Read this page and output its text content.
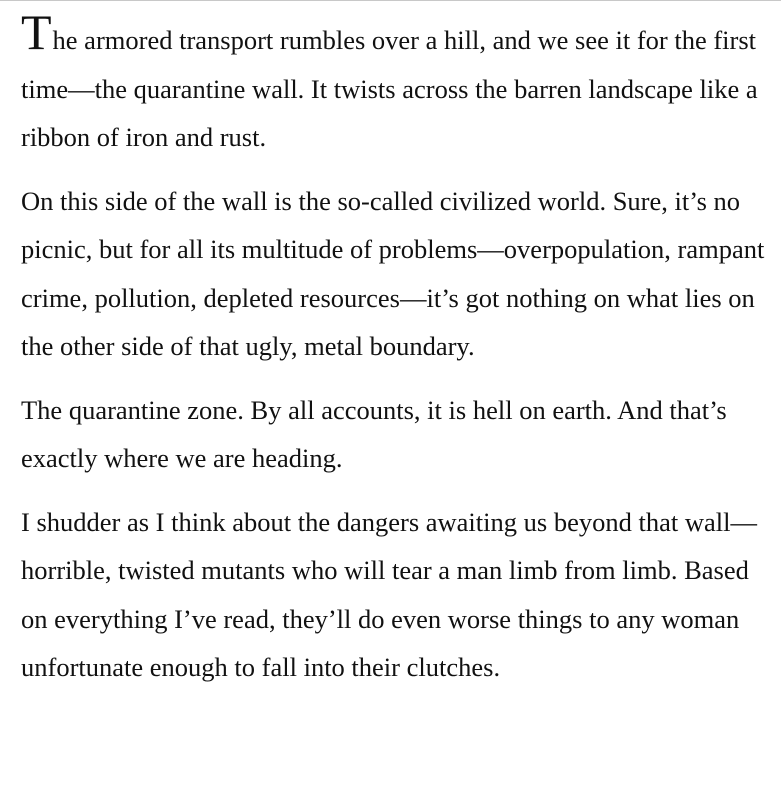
The armored transport rumbles over a hill, and we see it for the first time—the quarantine wall. It twists across the barren landscape like a ribbon of iron and rust.

On this side of the wall is the so-called civilized world. Sure, it’s no picnic, but for all its multitude of problems—overpopulation, rampant crime, pollution, depleted resources—it’s got nothing on what lies on the other side of that ugly, metal boundary.

The quarantine zone. By all accounts, it is hell on earth. And that’s exactly where we are heading.

I shudder as I think about the dangers awaiting us beyond that wall—horrible, twisted mutants who will tear a man limb from limb. Based on everything I’ve read, they’ll do even worse things to any woman unfortunate enough to fall into their clutches.
